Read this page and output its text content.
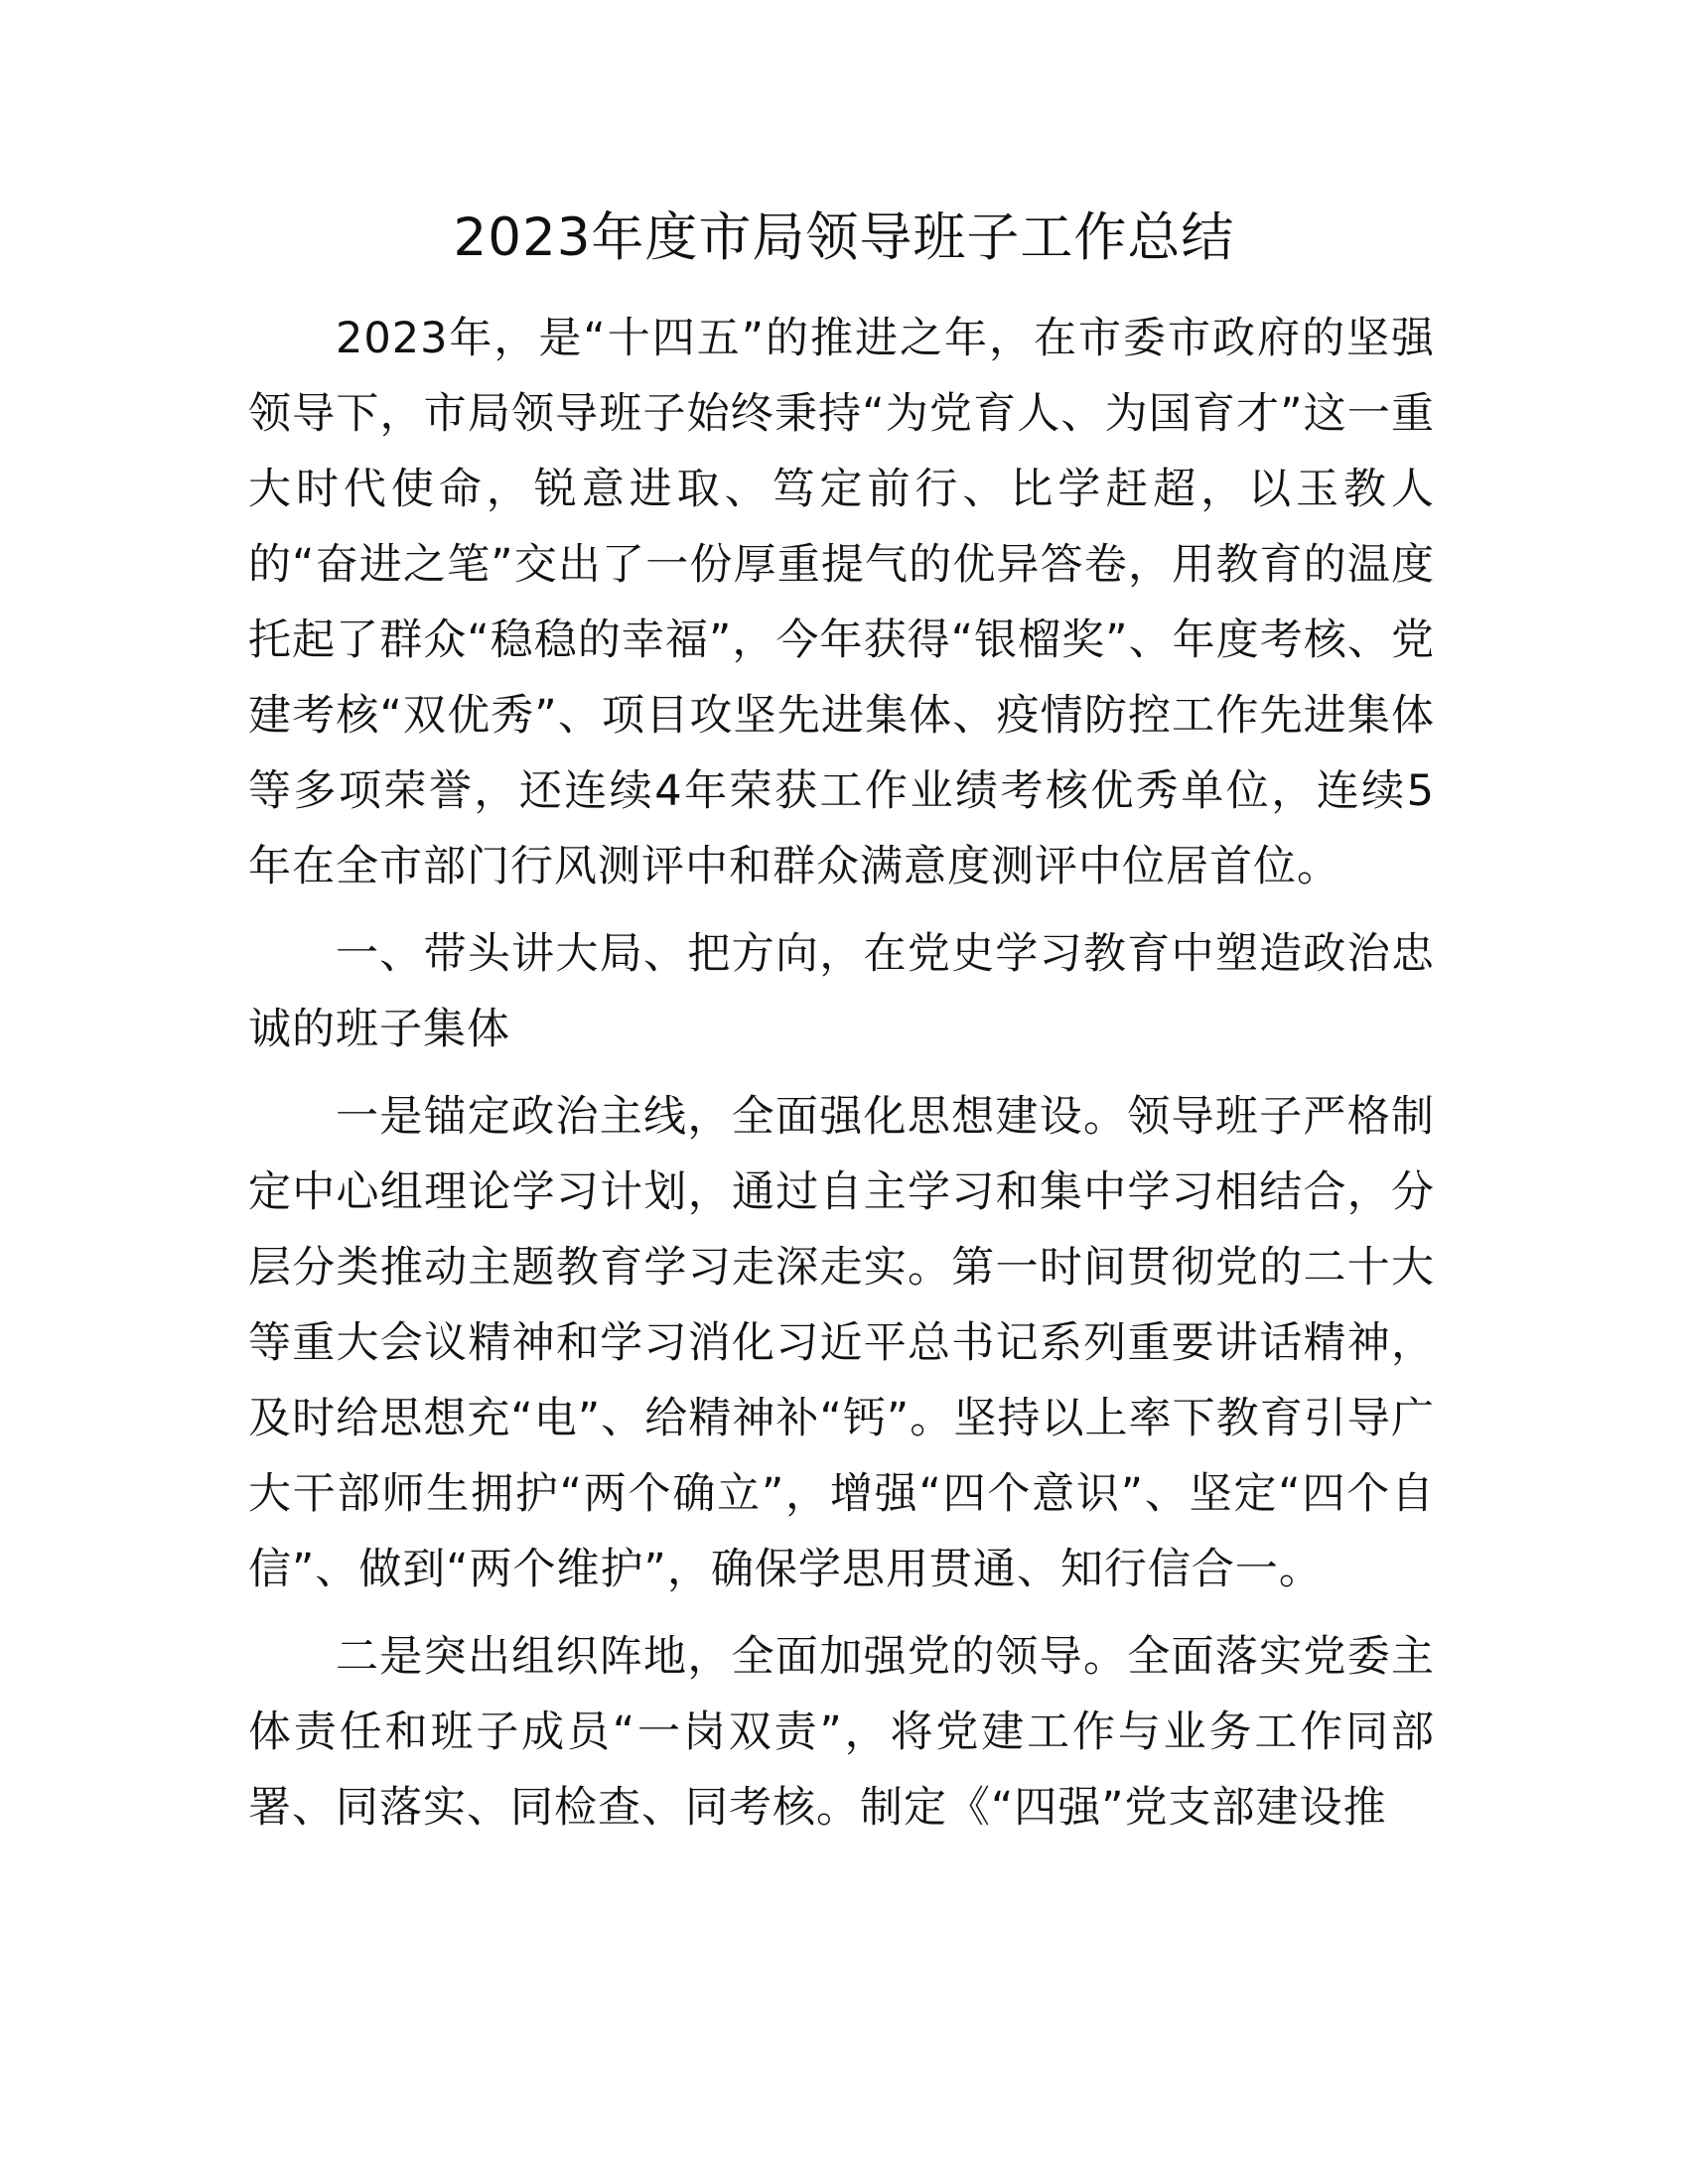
2023年度市局领导班子工作总结

2023年，是“十四五”的推进之年，在市委市政府的坚强领导下，市局领导班子始终秉持“为党育人、为国育才”这一重大时代使命，锐意进取、笃定前行、比学赶超，以玉教人的“奋进之笔”交出了一份厚重提气的优异答卷，用教育的温度托起了群众“稳稳的幸福”，今年获得“银榴奖”、年度考核、党建考核“双优秀”、项目攻坚先进集体、疫情防控工作先进集体等多项荣誉，还连续4年荣获工作业绩考核优秀单位，连续5年在全市部门行风测评中和群众满意度测评中位居首位。

一、带头讲大局、把方向，在党史学习教育中塑造政治忠诚的班子集体

一是锚定政治主线，全面强化思想建设。领导班子严格制定中心组理论学习计划，通过自主学习和集中学习相结合，分层分类推动主题教育学习走深走实。第一时间贯彻党的二十大等重大会议精神和学习消化习近平总书记系列重要讲话精神，及时给思想充“电”、给精神补“钙”。坚持以上率下教育引导广大干部师生拥护“两个确立”，增强“四个意识”、坚定“四个自信”、做到“两个维护”，确保学思用贯通、知行信合一。

二是突出组织阵地，全面加强党的领导。全面落实党委主体责任和班子成员“一岗双责”，将党建工作与业务工作同部署、同落实、同检查、同考核。制定《“四强”党支部建设推
